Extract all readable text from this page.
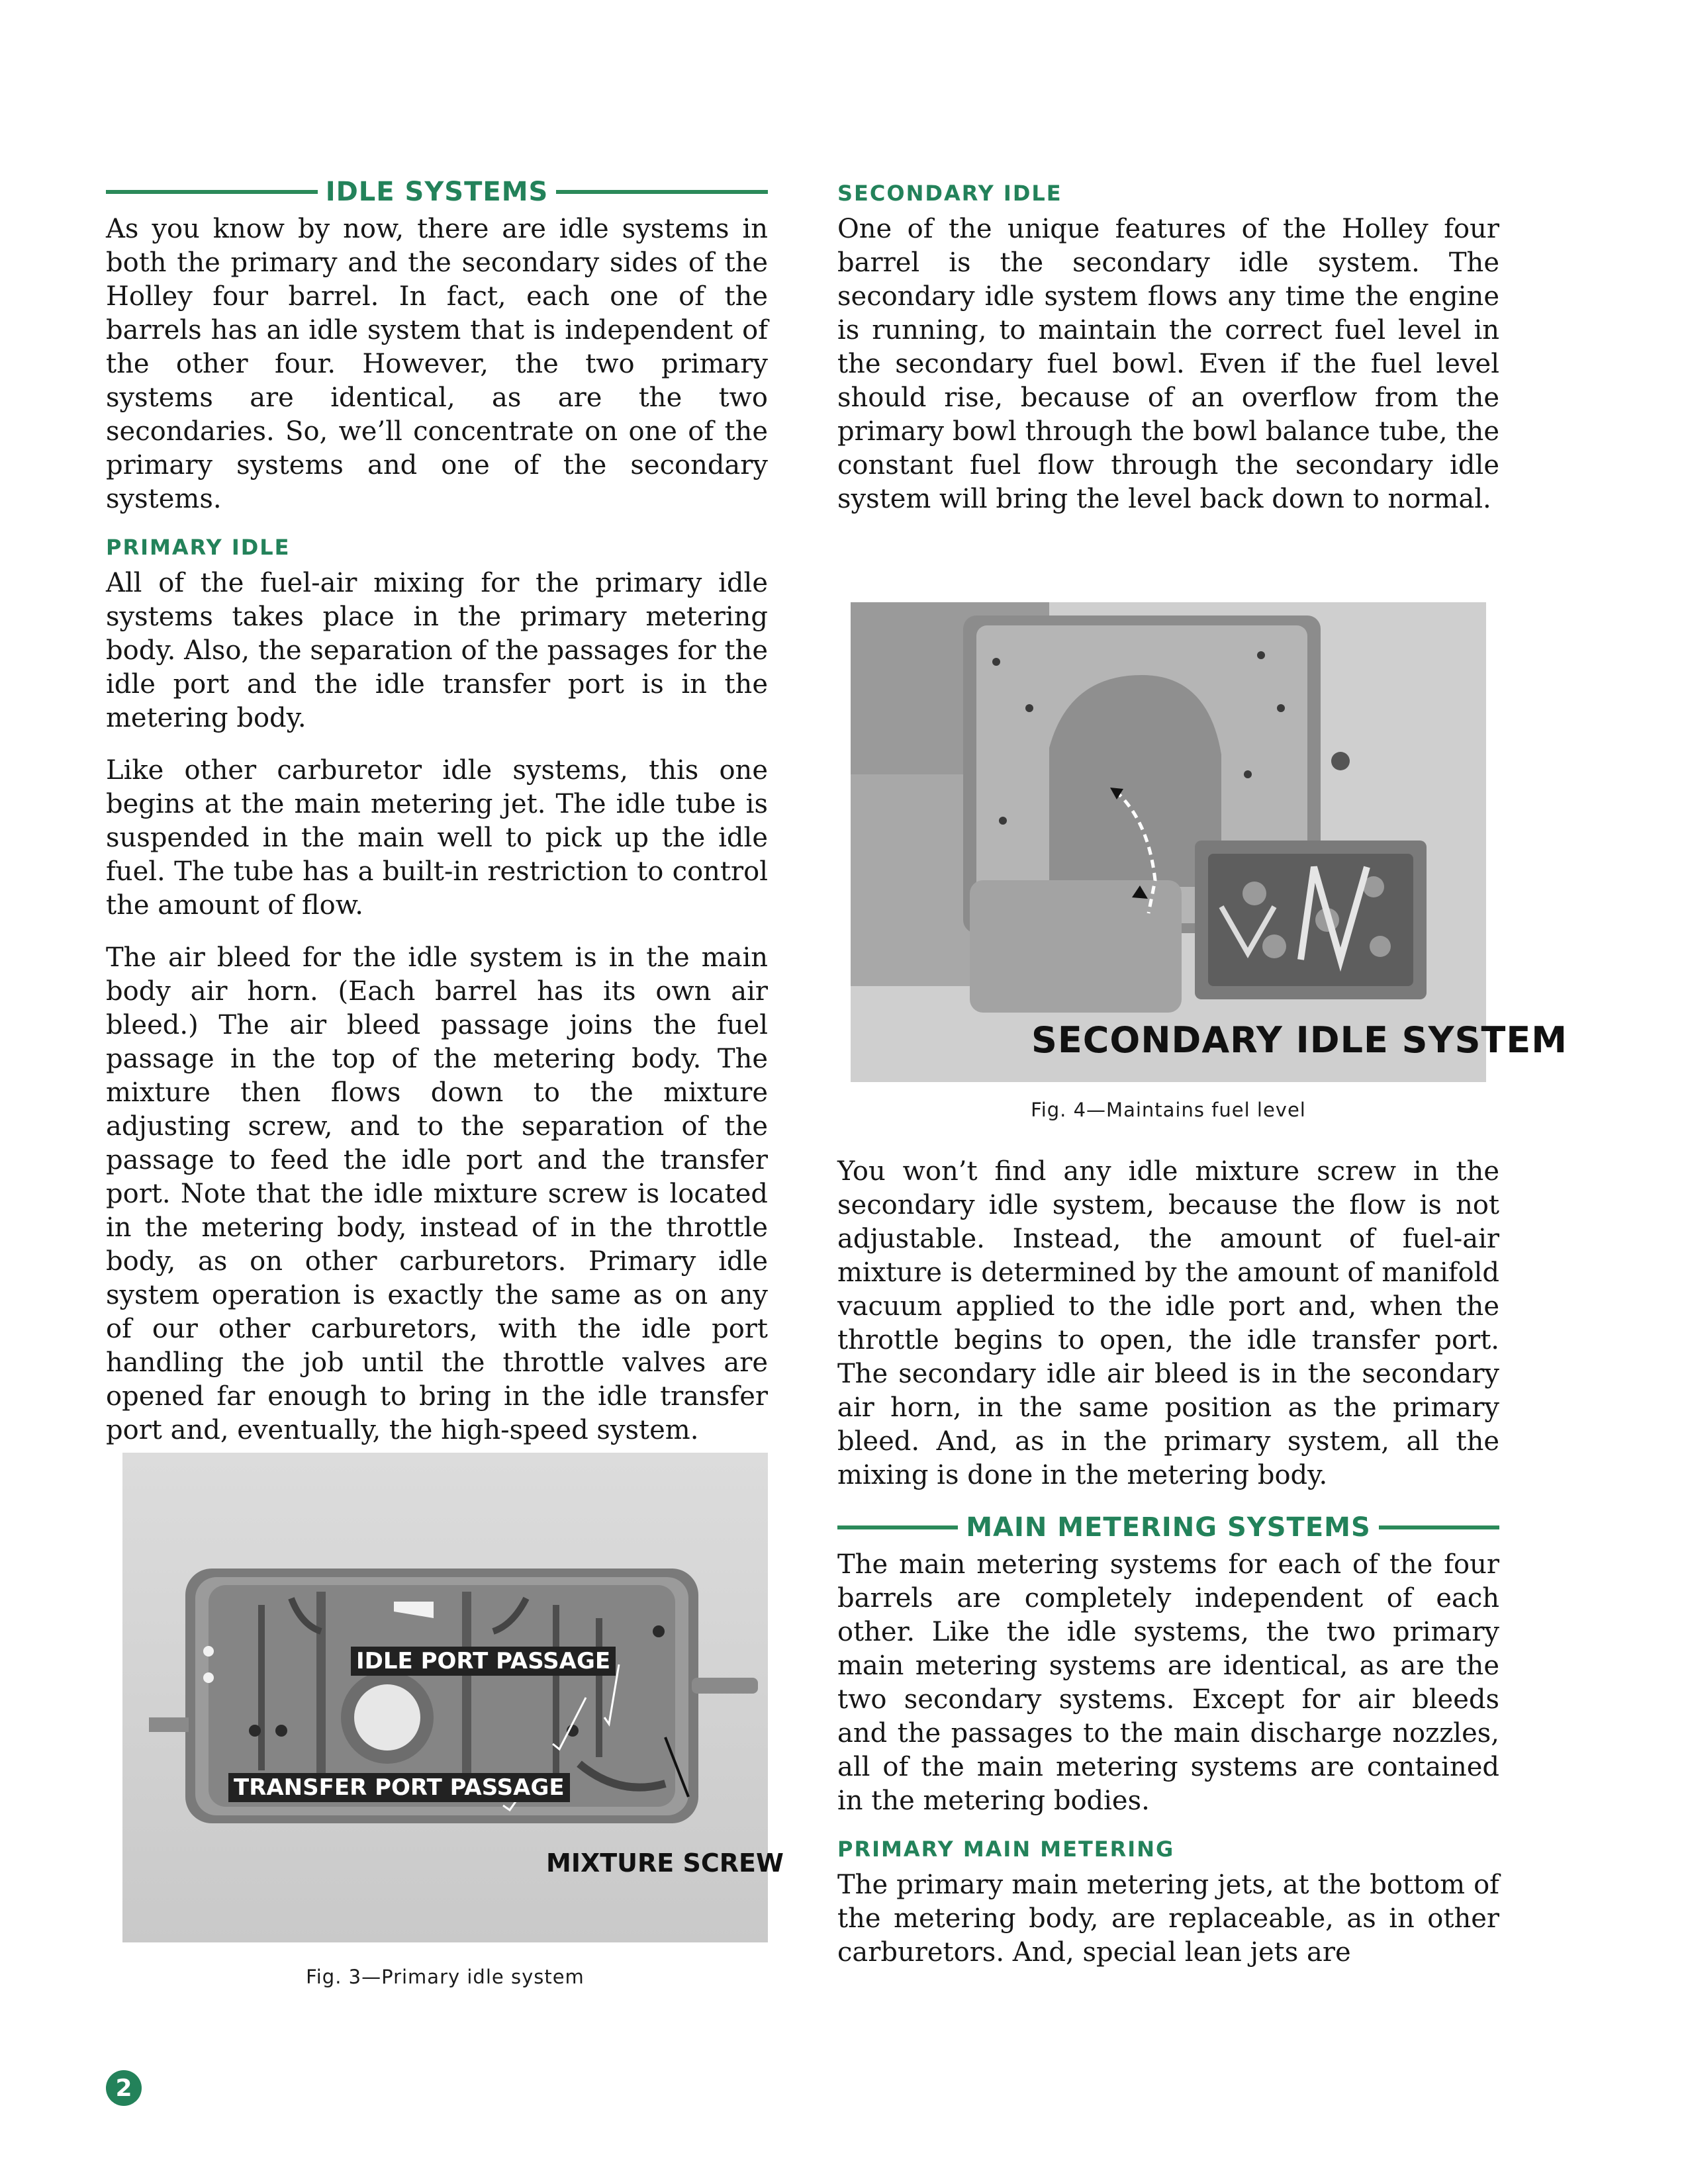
IDLE SYSTEMS

As you know by now, there are idle systems in both the primary and the secondary sides of the Holley four barrel. In fact, each one of the barrels has an idle system that is independent of the other four. However, the two primary systems are identical, as are the two secondaries. So, we’ll concentrate on one of the primary systems and one of the secondary systems.

PRIMARY IDLE

All of the fuel-air mixing for the primary idle systems takes place in the primary metering body. Also, the separation of the passages for the idle port and the idle transfer port is in the metering body.

Like other carburetor idle systems, this one begins at the main metering jet. The idle tube is suspended in the main well to pick up the idle fuel. The tube has a built-in restriction to control the amount of flow.

The air bleed for the idle system is in the main body air horn. (Each barrel has its own air bleed.) The air bleed passage joins the fuel passage in the top of the metering body. The mixture then flows down to the mixture adjusting screw, and to the separation of the passage to feed the idle port and the transfer port. Note that the idle mixture screw is located in the metering body, instead of in the throttle body, as on other carburetors. Primary idle system operation is exactly the same as on any of our other carburetors, with the idle port handling the job until the throttle valves are opened far enough to bring in the idle transfer port and, eventually, the high-speed system.

IDLE PORT PASSAGE
TRANSFER PORT PASSAGE
MIXTURE SCREW
Fig. 3—Primary idle system
SECONDARY IDLE

One of the unique features of the Holley four barrel is the secondary idle system. The secondary idle system flows any time the engine is running, to maintain the correct fuel level in the secondary fuel bowl. Even if the fuel level should rise, because of an overflow from the primary bowl through the bowl balance tube, the constant fuel flow through the secondary idle system will bring the level back down to normal.

SECONDARY IDLE SYSTEM
Fig. 4—Maintains fuel level

You won’t find any idle mixture screw in the secondary idle system, because the flow is not adjustable. Instead, the amount of fuel-air mixture is determined by the amount of manifold vacuum applied to the idle port and, when the throttle begins to open, the idle transfer port. The secondary idle air bleed is in the secondary air horn, in the same position as the primary bleed. And, as in the primary system, all the mixing is done in the metering body.

MAIN METERING SYSTEMS

The main metering systems for each of the four barrels are completely independent of each other. Like the idle systems, the two primary main metering systems are identical, as are the two secondary systems. Except for air bleeds and the passages to the main discharge nozzles, all of the main metering systems are contained in the metering bodies.

PRIMARY MAIN METERING

The primary main metering jets, at the bottom of the metering body, are replaceable, as in other carburetors. And, special lean jets are

2
